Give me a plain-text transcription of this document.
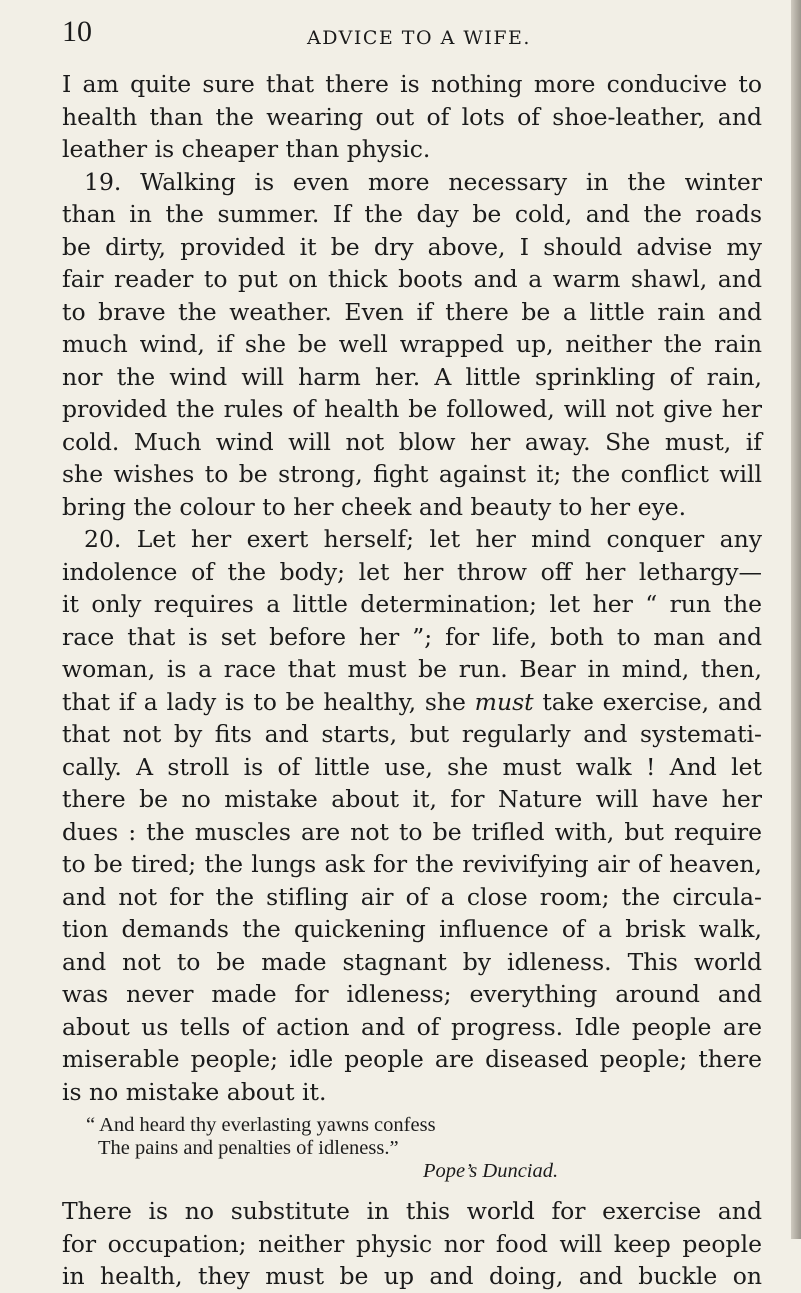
10	ADVICE TO A WIFE.
I am quite sure that there is nothing more conducive to
health than the wearing out of lots of shoe-leather, and
leather is cheaper than physic.
19. Walking is even more necessary in the winter
than in the summer. If the day be cold, and the roads
be dirty, provided it be dry above, I should advise my
fair reader to put on thick boots and a warm shawl, and
to brave the weather. Even if there be a little rain and
much wind, if she be well wrapped up, neither the rain
nor the wind will harm her. A little sprinkling of rain,
provided the rules of health be followed, will not give her
cold. Much wind will not blow her away. She must, if
she wishes to be strong, fight against it; the conflict will
bring the colour to her cheek and beauty to her eye.
20. Let her exert herself; let her mind conquer any
indolence of the body; let her throw off her lethargy—
it only requires a little determination; let her “ run the
race that is set before her ”; for life, both to man and
woman, is a race that must be run. Bear in mind, then,
that if a lady is to be healthy, she must take exercise, and
that not by fits and starts, but regularly and systemati-
cally. A stroll is of little use, she must walk ! And let
there be no mistake about it, for Nature will have her
dues : the muscles are not to be trifled with, but require
to be tired; the lungs ask for the revivifying air of heaven,
and not for the stifling air of a close room; the circula-
tion demands the quickening influence of a brisk walk,
and not to be made stagnant by idleness. This world
was never made for idleness; everything around and
about us tells of action and of progress. Idle people are
miserable people; idle people are diseased people; there
is no mistake about it.
“ And heard thy everlasting yawns confess
The pains and penalties of idleness.”
Pope’s Dunciad.
There is no substitute in this world for exercise and
for occupation; neither physic nor food will keep people
in health, they must be up and doing, and buckle on
